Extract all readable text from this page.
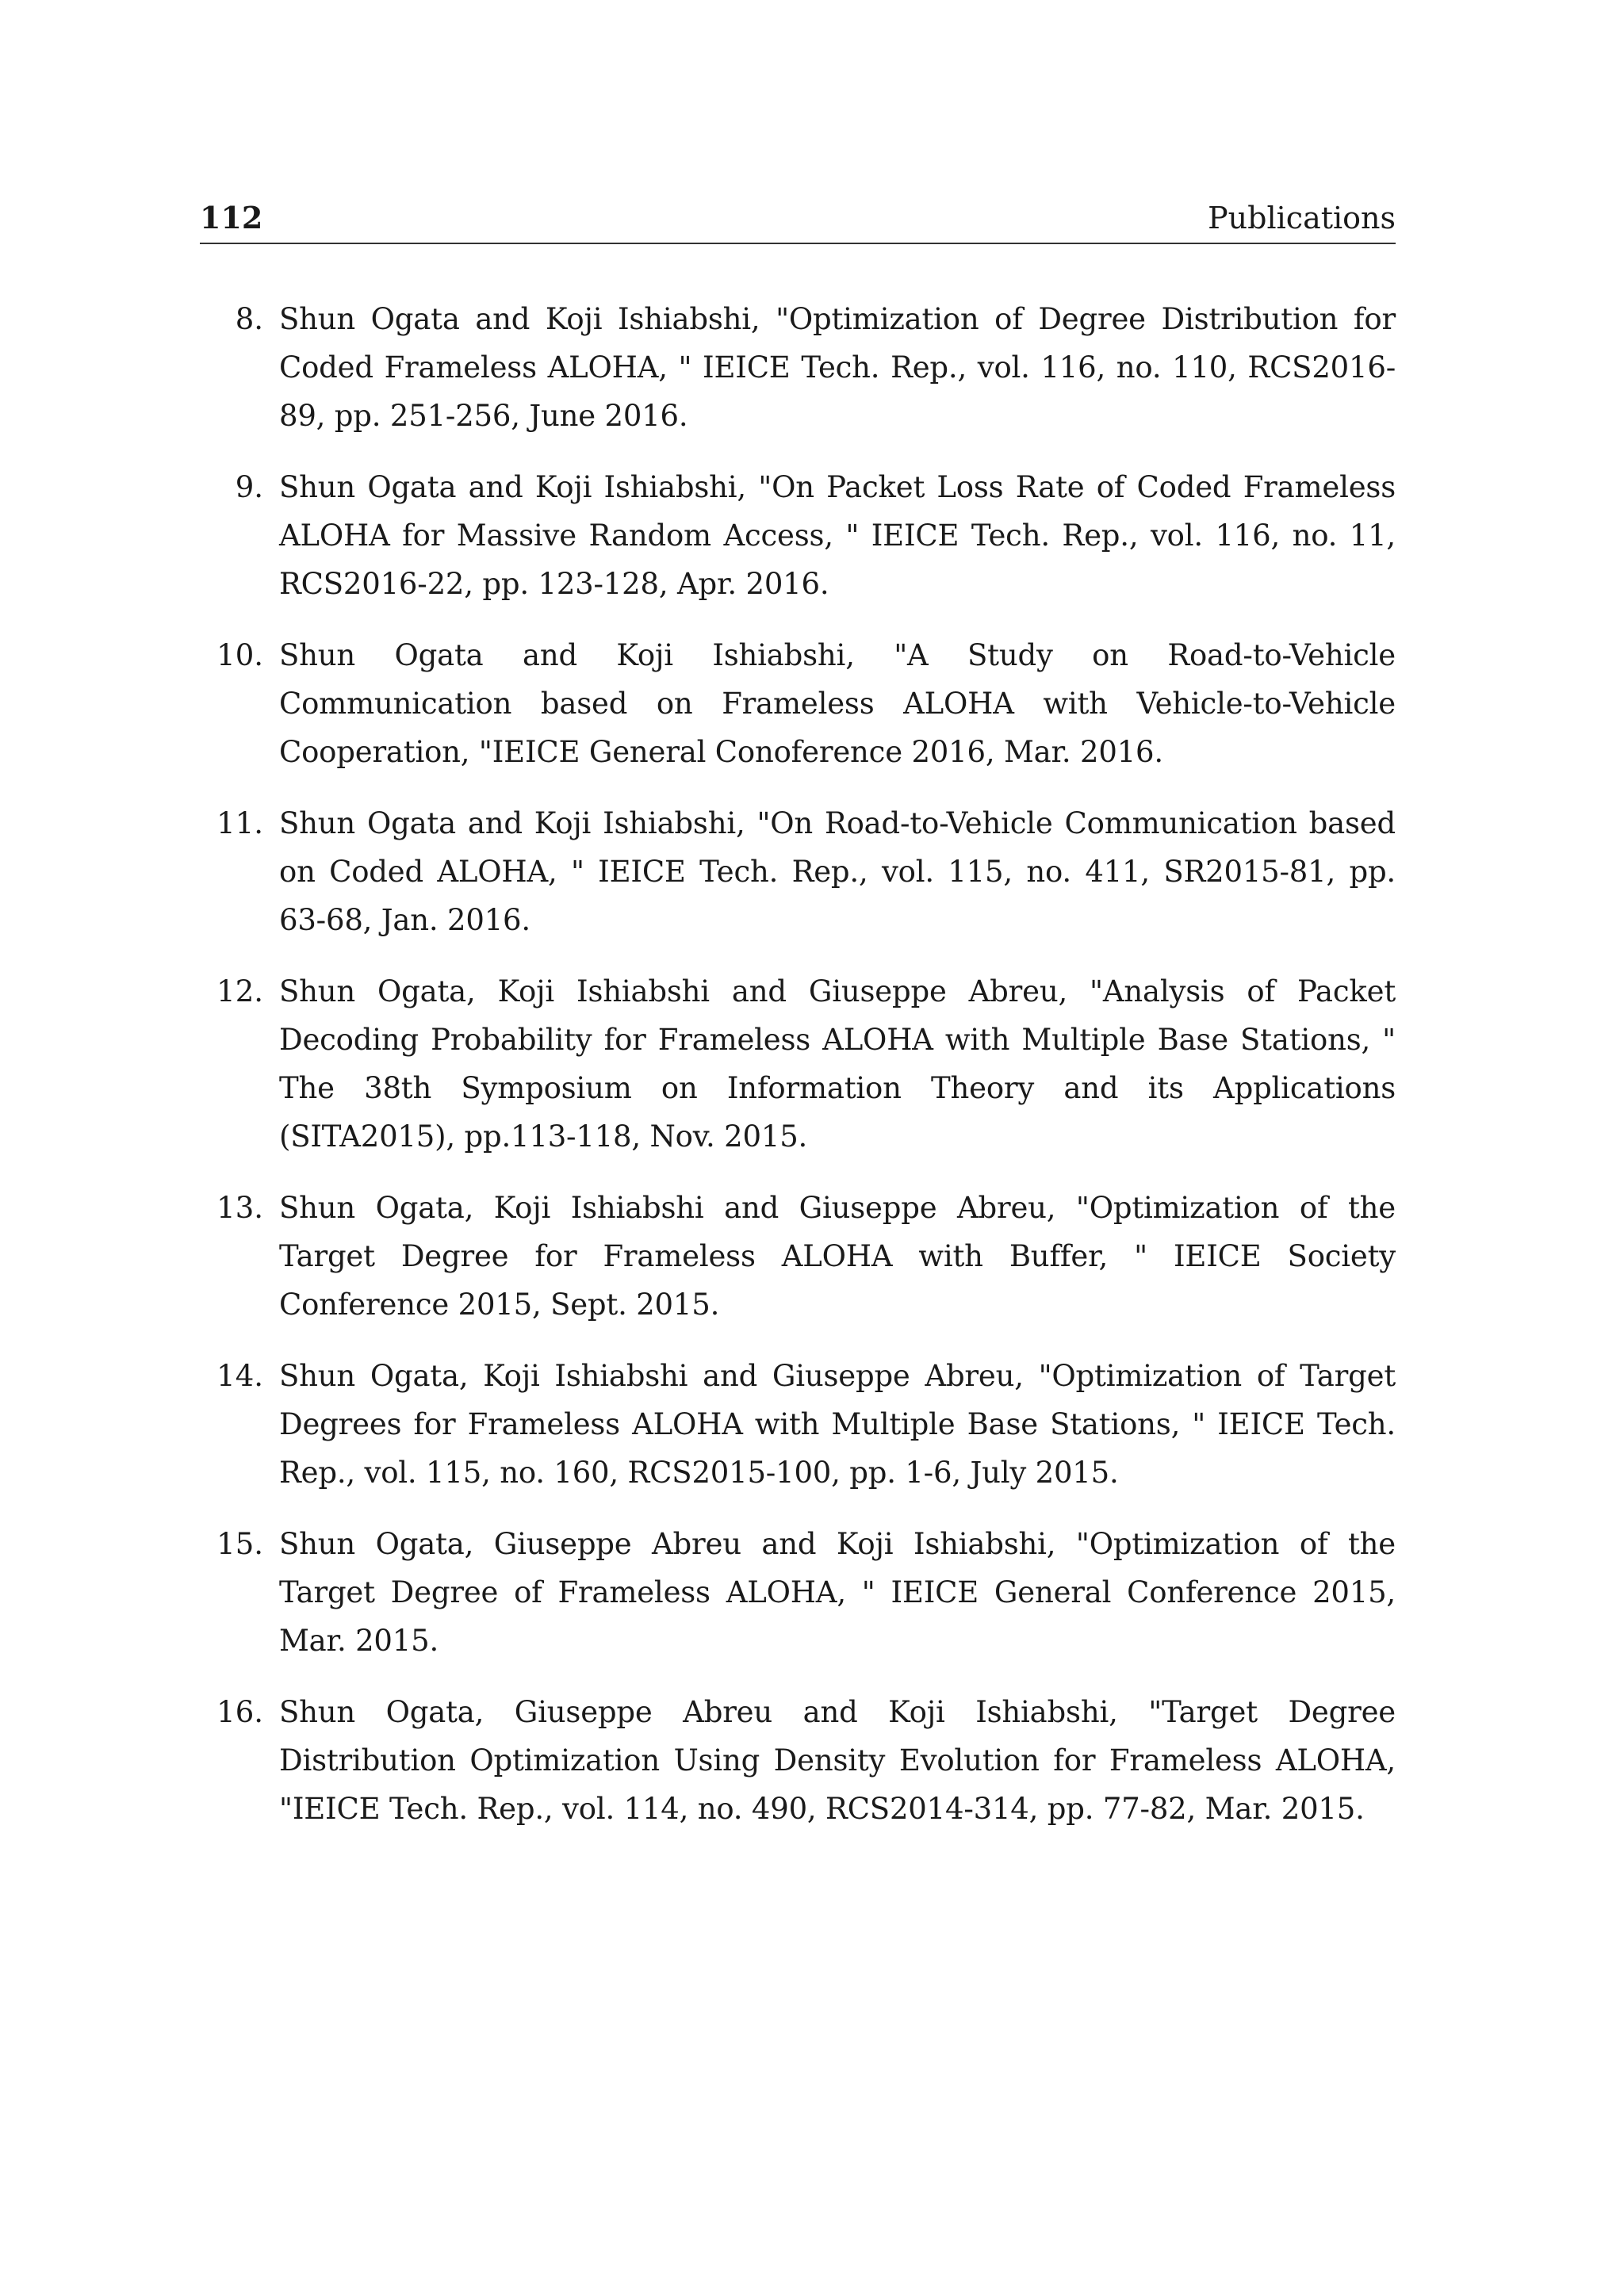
112	Publications
8. Shun Ogata and Koji Ishiabshi, "Optimization of Degree Distribution for Coded Frameless ALOHA, " IEICE Tech. Rep., vol. 116, no. 110, RCS2016-89, pp. 251-256, June 2016.
9. Shun Ogata and Koji Ishiabshi, "On Packet Loss Rate of Coded Frameless ALOHA for Massive Random Access, " IEICE Tech. Rep., vol. 116, no. 11, RCS2016-22, pp. 123-128, Apr. 2016.
10. Shun Ogata and Koji Ishiabshi, "A Study on Road-to-Vehicle Communication based on Frameless ALOHA with Vehicle-to-Vehicle Cooperation, "IEICE General Conoference 2016, Mar. 2016.
11. Shun Ogata and Koji Ishiabshi, "On Road-to-Vehicle Communication based on Coded ALOHA, " IEICE Tech. Rep., vol. 115, no. 411, SR2015-81, pp. 63-68, Jan. 2016.
12. Shun Ogata, Koji Ishiabshi and Giuseppe Abreu, "Analysis of Packet Decoding Probability for Frameless ALOHA with Multiple Base Stations, " The 38th Symposium on Information Theory and its Applications (SITA2015), pp.113-118, Nov. 2015.
13. Shun Ogata, Koji Ishiabshi and Giuseppe Abreu, "Optimization of the Target Degree for Frameless ALOHA with Buffer, " IEICE Society Conference 2015, Sept. 2015.
14. Shun Ogata, Koji Ishiabshi and Giuseppe Abreu, "Optimization of Target Degrees for Frameless ALOHA with Multiple Base Stations, " IEICE Tech. Rep., vol. 115, no. 160, RCS2015-100, pp. 1-6, July 2015.
15. Shun Ogata, Giuseppe Abreu and Koji Ishiabshi, "Optimization of the Target Degree of Frameless ALOHA, " IEICE General Conference 2015, Mar. 2015.
16. Shun Ogata, Giuseppe Abreu and Koji Ishiabshi, "Target Degree Distribution Optimization Using Density Evolution for Frameless ALOHA, "IEICE Tech. Rep., vol. 114, no. 490, RCS2014-314, pp. 77-82, Mar. 2015.
